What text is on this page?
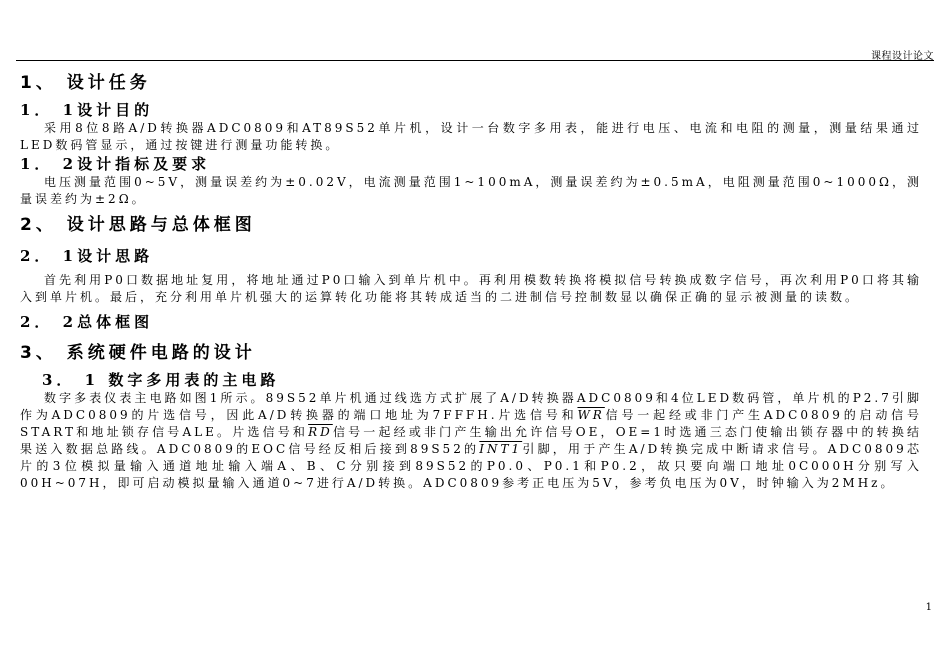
课程设计论文
1、 设计任务
1． 1设计目的

采用8位8路A/D转换器ADC0809和AT89S52单片机，设计一台数字多用表，能进行电压、电流和电阻的测量，测量结果通过LED数码管显示，通过按键进行测量功能转换。

1． 2设计指标及要求

电压测量范围0~5V，测量误差约为±0.02V，电流测量范围1~100mA，测量误差约为±0.5mA，电阻测量范围0~1000Ω，测量误差约为±2Ω。

2、 设计思路与总体框图
2． 1设计思路

首先利用P0口数据地址复用，将地址通过P0口输入到单片机中。再利用模数转换将模拟信号转换成数字信号，再次利用P0口将其输入到单片机。最后，充分利用单片机强大的运算转化功能将其转成适当的二进制信号控制数显以确保正确的显示被测量的读数。

2． 2总体框图
3、 系统硬件电路的设计
3． 1 数字多用表的主电路

数字多表仪表主电路如图1所示。89S52单片机通过线选方式扩展了A/D转换器ADC0809和4位LED数码管，单片机的P2.7引脚作为ADC0809的片选信号，因此A/D转换器的端口地址为7FFFH.片选信号和$\overline{WR}$信号一起经或非门产生ADC0809的启动信号START和地址锁存信号ALE。片选信号和$\overline{RD}$信号一起经或非门产生输出允许信号OE，OE=1时选通三态门使输出锁存器中的转换结果送入数据总路线。ADC0809的EOC信号经反相后接到89S52的INT1引脚，用于产生A/D转换完成中断请求信号。ADC0809芯片的3位模拟量输入通道地址输入端A、B、C分别接到89S52的P0.0、P0.1和P0.2，故只要向端口地址0C000H分别写入00H~07H，即可启动模拟量输入通道0~7进行A/D转换。ADC0809参考正电压为5V，参考负电压为0V，时钟输入为2MHz。

1
